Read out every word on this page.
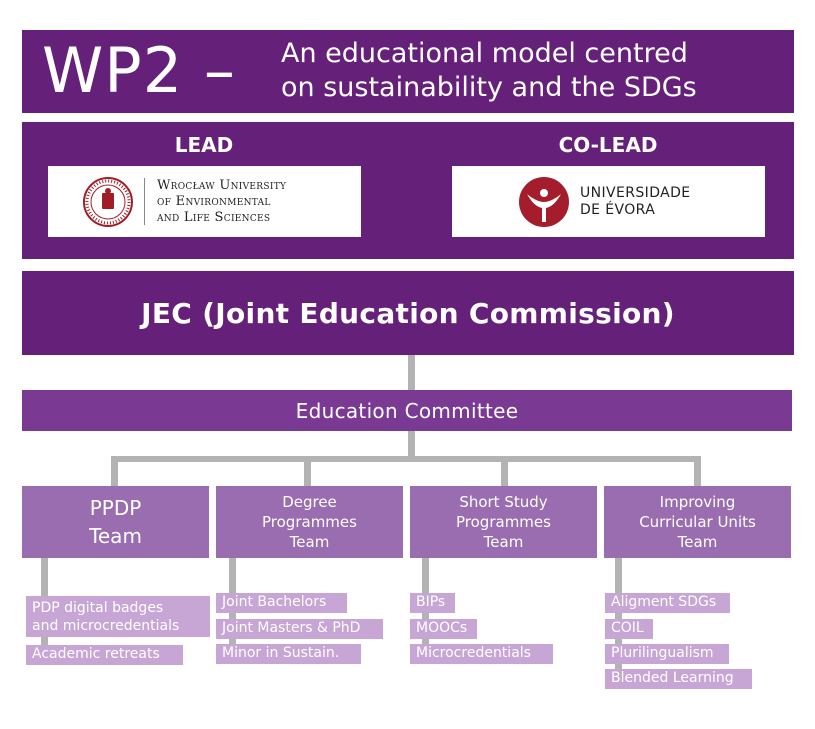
WP2 – An educational model centred
on sustainability and the SDGs
LEAD	CO-LEAD
Wrocław University
of Environmental
and Life Sciences
UNIVERSIDADE
DE ÉVORA
JEC (Joint Education Commission)
Education Committee
PPDP
Team
Degree
Programmes
Team
Short Study
Programmes
Team
Improving
Curricular Units
Team
PDP digital badges
and microcredentials
Academic retreats
Joint Bachelors
Joint Masters & PhD
Minor in Sustain.
BIPs
MOOCs
Microcredentials
Aligment SDGs
COIL
Plurilingualism
Blended Learning
